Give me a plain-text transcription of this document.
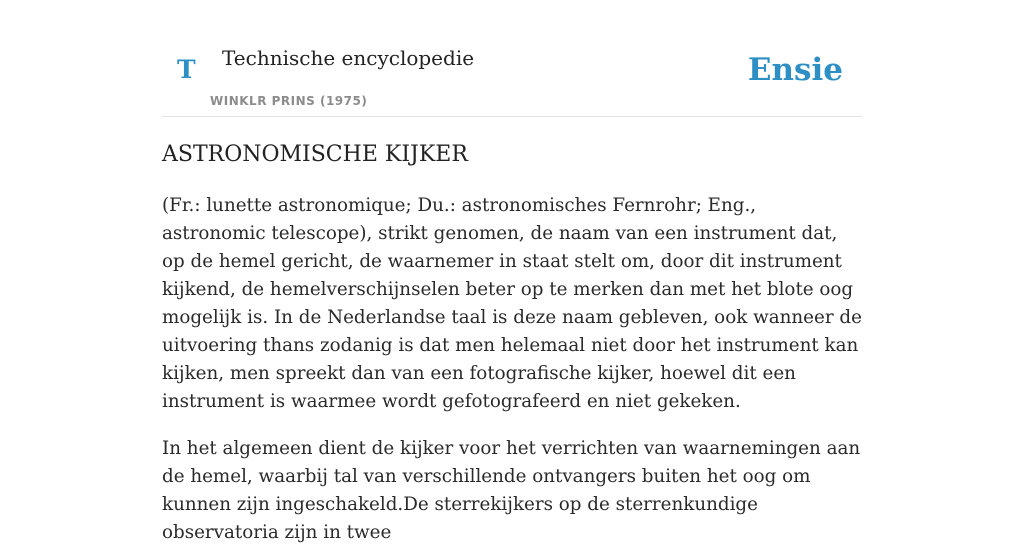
T Technische encyclopedie
WINKLR PRINS (1975)
Ensie
ASTRONOMISCHE KIJKER

(Fr.: lunette astronomique; Du.: astronomisches Fernrohr; Eng., astronomic telescope), strikt genomen, de naam van een instrument dat, op de hemel gericht, de waarnemer in staat stelt om, door dit instrument kijkend, de hemelverschijnselen beter op te merken dan met het blote oog mogelijk is. In de Nederlandse taal is deze naam gebleven, ook wanneer de uitvoering thans zodanig is dat men helemaal niet door het instrument kan kijken, men spreekt dan van een fotografische kijker, hoewel dit een instrument is waarmee wordt gefotografeerd en niet gekeken.

In het algemeen dient de kijker voor het verrichten van waarnemingen aan de hemel, waarbij tal van verschillende ontvangers buiten het oog om kunnen zijn ingeschakeld.De sterrekijkers op de sterrenkundige observatoria zijn in twee
